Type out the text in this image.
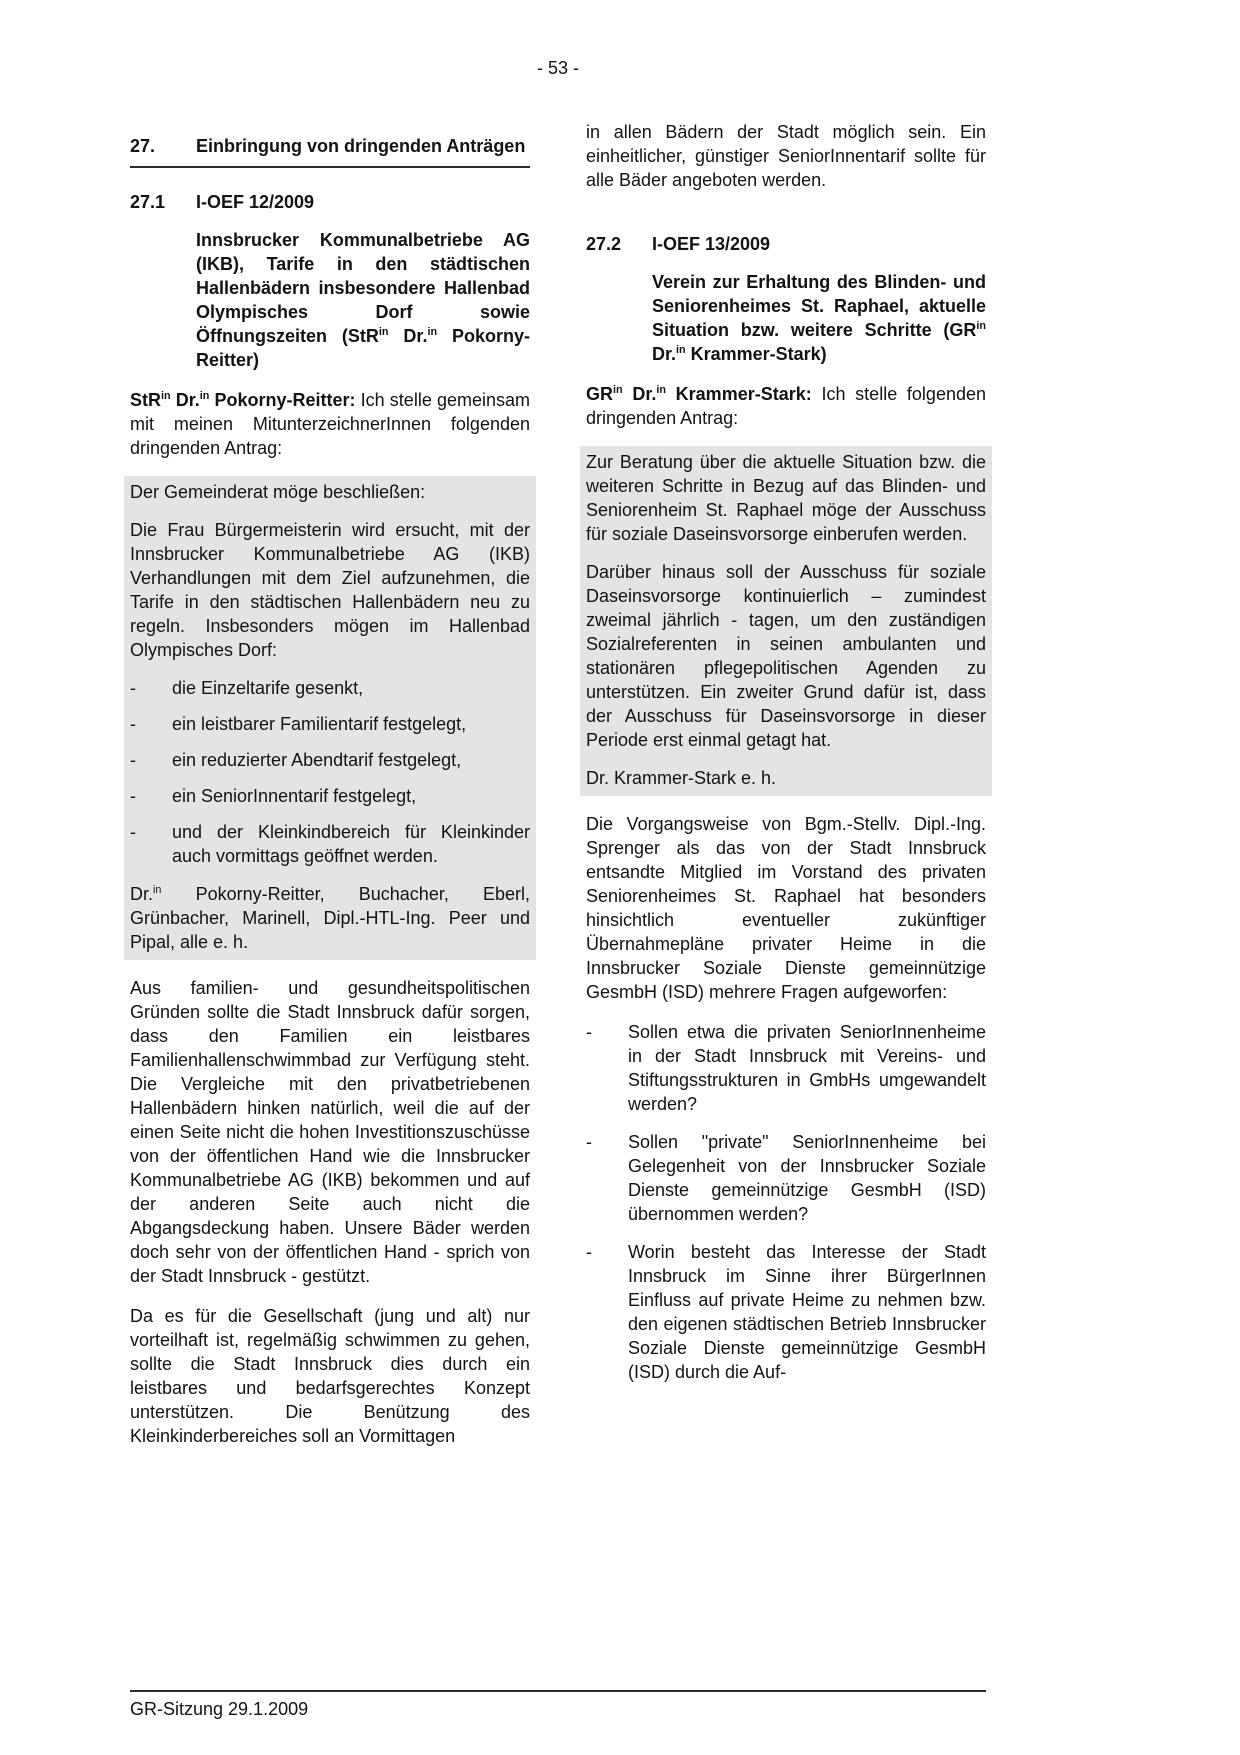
- 53 -
27.	Einbringung von dringenden Anträgen
27.1	I-OEF 12/2009

Innsbrucker Kommunalbetriebe AG (IKB), Tarife in den städtischen Hallenbädern insbesondere Hallenbad Olympisches Dorf sowie Öffnungszeiten (StR$^{in}$ Dr.$^{in}$ Pokorny-Reitter)

StR$^{in}$ Dr.$^{in}$ Pokorny-Reitter: Ich stelle gemeinsam mit meinen MitunterzeichnerInnen folgenden dringenden Antrag:

Der Gemeinderat möge beschließen:

Die Frau Bürgermeisterin wird ersucht, mit der Innsbrucker Kommunalbetriebe AG (IKB) Verhandlungen mit dem Ziel aufzunehmen, die Tarife in den städtischen Hallenbädern neu zu regeln. Insbesonders mögen im Hallenbad Olympisches Dorf:

-	die Einzeltarife gesenkt,
-	ein leistbarer Familientarif festgelegt,
-	ein reduzierter Abendtarif festgelegt,
-	ein SeniorInnentarif festgelegt,
-	und der Kleinkindbereich für Kleinkinder auch vormittags geöffnet werden.

Dr.$^{in}$ Pokorny-Reitter, Buchacher, Eberl, Grünbacher, Marinell, Dipl.-HTL-Ing. Peer und Pipal, alle e. h.

Aus familien- und gesundheitspolitischen Gründen sollte die Stadt Innsbruck dafür sorgen, dass den Familien ein leistbares Familienhallenschwimmbad zur Verfügung steht. Die Vergleiche mit den privatbetriebenen Hallenbädern hinken natürlich, weil die auf der einen Seite nicht die hohen Investitionszuschüsse von der öffentlichen Hand wie die Innsbrucker Kommunalbetriebe AG (IKB) bekommen und auf der anderen Seite auch nicht die Abgangsdeckung haben. Unsere Bäder werden doch sehr von der öffentlichen Hand - sprich von der Stadt Innsbruck - gestützt.

Da es für die Gesellschaft (jung und alt) nur vorteilhaft ist, regelmäßig schwimmen zu gehen, sollte die Stadt Innsbruck dies durch ein leistbares und bedarfsgerechtes Konzept unterstützen. Die Benützung des Kleinkinderbereiches soll an Vormittagen

in allen Bädern der Stadt möglich sein. Ein einheitlicher, günstiger SeniorInnentarif sollte für alle Bäder angeboten werden.

27.2	I-OEF 13/2009

Verein zur Erhaltung des Blinden- und Seniorenheimes St. Raphael, aktuelle Situation bzw. weitere Schritte ($GR^{in}$ Dr.$^{in}$ Krammer-Stark)

$GR^{in}$ Dr.$^{in}$ Krammer-Stark: Ich stelle folgenden dringenden Antrag:

Zur Beratung über die aktuelle Situation bzw. die weiteren Schritte in Bezug auf das Blinden- und Seniorenheim St. Raphael möge der Ausschuss für soziale Daseinsvorsorge einberufen werden.

Darüber hinaus soll der Ausschuss für soziale Daseinsvorsorge kontinuierlich – zumindest zweimal jährlich - tagen, um den zuständigen Sozialreferenten in seinen ambulanten und stationären pflegepolitischen Agenden zu unterstützen. Ein zweiter Grund dafür ist, dass der Ausschuss für Daseinsvorsorge in dieser Periode erst einmal getagt hat.

Dr. Krammer-Stark e. h.

Die Vorgangsweise von Bgm.-Stellv. Dipl.-Ing. Sprenger als das von der Stadt Innsbruck entsandte Mitglied im Vorstand des privaten Seniorenheimes St. Raphael hat besonders hinsichtlich eventueller zukünftiger Übernahmepläne privater Heime in die Innsbrucker Soziale Dienste gemeinnützige GesmbH (ISD) mehrere Fragen aufgeworfen:

-	Sollen etwa die privaten SeniorInnenheime in der Stadt Innsbruck mit Vereins- und Stiftungsstrukturen in GmbHs umgewandelt werden?
-	Sollen "private" SeniorInnenheime bei Gelegenheit von der Innsbrucker Soziale Dienste gemeinnützige GesmbH (ISD) übernommen werden?
-	Worin besteht das Interesse der Stadt Innsbruck im Sinne ihrer BürgerInnen Einfluss auf private Heime zu nehmen bzw. den eigenen städtischen Betrieb Innsbrucker Soziale Dienste gemeinnützige GesmbH (ISD) durch die Auf-
GR-Sitzung 29.1.2009
